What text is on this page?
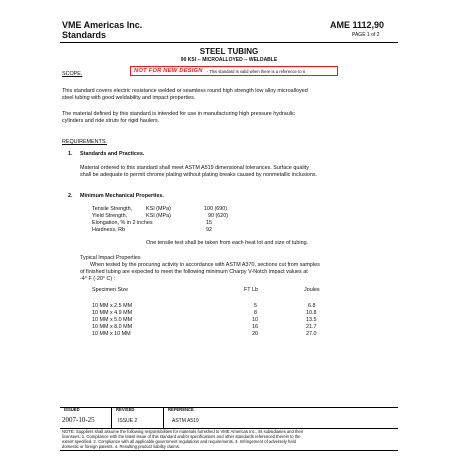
VME Americas Inc.
Standards
AME 1112,90
PAGE 1 of 2
STEEL TUBING
90 KSI -- MICROALLOYED -- WELDABLE
SCOPE.	NOT FOR NEW DESIGN - This standard is valid when there is a reference to it
This standard covers electric resistance welded or seamless round high strength low alloy microalloyed
steel tubing with good weldability and impact properties.
The material defined by this standard is intended for use in manufacturing high pressure hydraulic
cylinders and ride struts for rigid haulers.
REQUIREMENTS.
1. Standards and Practices.
Material ordered to this standard shall meet ASTM A519 dimensional tolerances. Surface quality
shall be adequate to permit chrome plating without plating breaks caused by nonmetallic inclusions.
2. Minimum Mechanical Properties.
Tensile Strength,	KSI (MPa)	100 (690)
Yield Strength,	KSI (MPa)	90 (620)
Elongation, % in 2 inches	15
Hardness, Rb	92
One tensile test shall be taken from each heat lot and size of tubing.
Typical Impact Properties
When tested by the procuring activity in accordance with ASTM A370, sections cut from samples
of finished tubing are expected to meet the following minimum Charpy V-Notch impact values at
-4° F (-20° C) :
Specimen Size	FT Lb	Joules
10 MM x 2.5 MM	5	6.8
10 MM x 4.9 MM	8	10.8
10 MM x 5.0 MM	10	13.5
10 MM x 8.0 MM	16	21.7
10 MM x 10 MM	20	27.0
ISSUED	REVISED	REFERENCE
2007-10-25	ISSUE 2	ASTM A519
NOTE: Suppliers shall assume the following responsibilities for materials furnished to VME Americas Inc., its subsidiaries and their
licensees: 1. Compliance with the latest issue of this standard and/or specifications and other standards referenced therein to the
extent specified. 2. Compliance with all applicable government regulations and requirements. 3. Infringement of adversely held
domestic or foreign patents. 4. Resulting product liability claims.
